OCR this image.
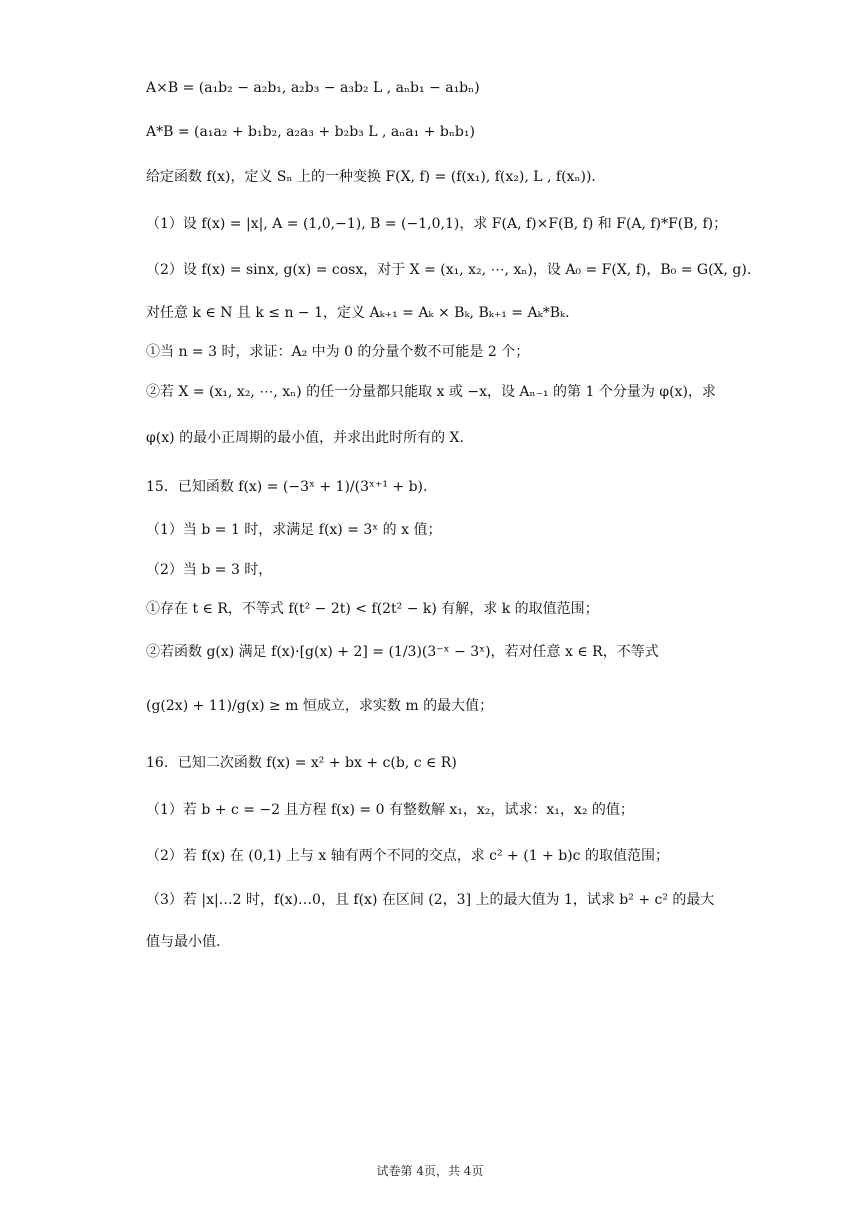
A×B = (a₁b₂ − a₂b₁, a₂b₃ − a₃b₂ L , aₙb₁ − a₁bₙ)
A*B = (a₁a₂ + b₁b₂, a₂a₃ + b₂b₃ L , aₙa₁ + bₙb₁)
给定函数 f(x)，定义 Sₙ 上的一种变换 F(X, f) = (f(x₁), f(x₂), L , f(xₙ)).
（1）设 f(x) = |x|, A = (1,0,−1), B = (−1,0,1)，求 F(A, f)×F(B, f) 和 F(A, f)*F(B, f)；
（2）设 f(x) = sinx, g(x) = cosx，对于 X = (x₁, x₂, ⋯, xₙ)，设 A₀ = F(X, f)，B₀ = G(X, g).
对任意 k ∈ N 且 k ≤ n − 1，定义 Aₖ₊₁ = Aₖ × Bₖ, Bₖ₊₁ = Aₖ*Bₖ.
①当 n = 3 时，求证：A₂ 中为 0 的分量个数不可能是 2 个；
②若 X = (x₁, x₂, ⋯, xₙ) 的任一分量都只能取 x 或 −x，设 Aₙ₋₁ 的第 1 个分量为 φ(x)，求
φ(x) 的最小正周期的最小值，并求出此时所有的 X.
15．已知函数 f(x) = (−3ˣ + 1)/(3ˣ⁺¹ + b).
（1）当 b = 1 时，求满足 f(x) = 3ˣ 的 x 值；
（2）当 b = 3 时，
①存在 t ∈ R，不等式 f(t² − 2t) < f(2t² − k) 有解，求 k 的取值范围；
②若函数 g(x) 满足 f(x)·[g(x) + 2] = (1/3)(3⁻ˣ − 3ˣ)，若对任意 x ∈ R，不等式
(g(2x) + 11)/g(x) ≥ m 恒成立，求实数 m 的最大值；
16．已知二次函数 f(x) = x² + bx + c(b, c ∈ R)
（1）若 b + c = −2 且方程 f(x) = 0 有整数解 x₁，x₂，试求：x₁，x₂ 的值；
（2）若 f(x) 在 (0,1) 上与 x 轴有两个不同的交点，求 c² + (1 + b)c 的取值范围；
（3）若 |x|…2 时，f(x)…0，且 f(x) 在区间 (2，3] 上的最大值为 1，试求 b² + c² 的最大
值与最小值.
试卷第 4页，共 4页
